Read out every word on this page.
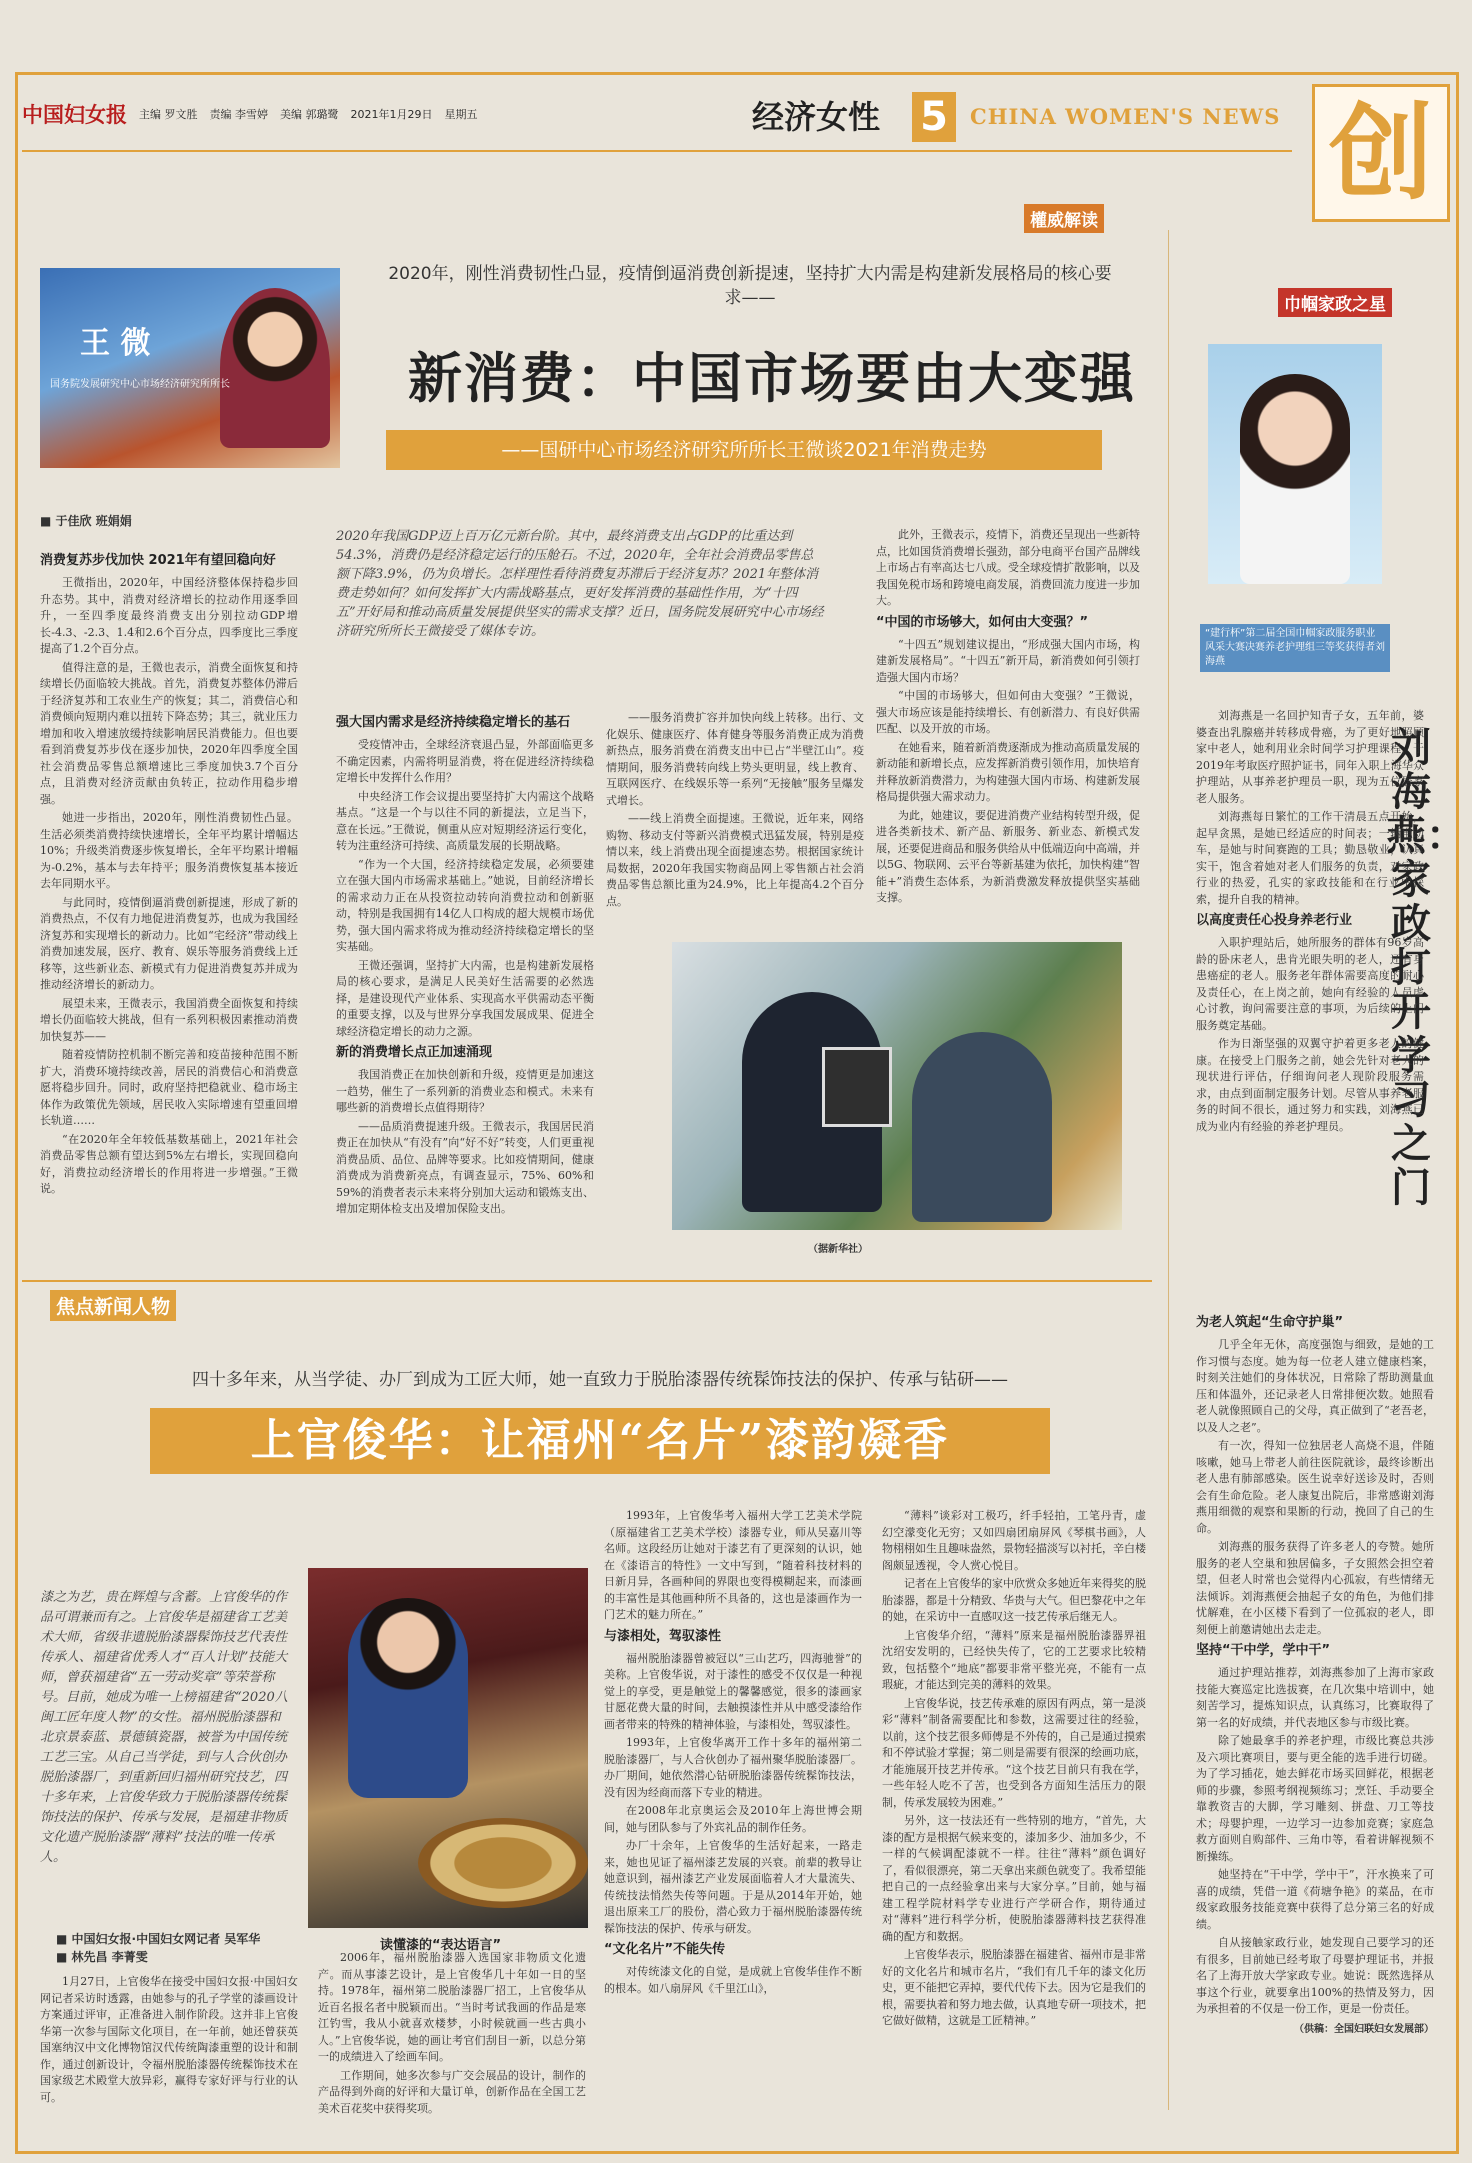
中国妇女报 主编 罗文胜 责编 李雪婷 美编 郭璐鹭 2021年1月29日 星期五	经济女性 5	CHINA WOMEN'S NEWS 创
權威解读
王 微
国务院发展研究中心市场经济研究所所长
2020年，刚性消费韧性凸显，疫情倒逼消费创新提速，坚持扩大内需是构建新发展格局的核心要求——
新消费：中国市场要由大变强
——国研中心市场经济研究所所长王微谈2021年消费走势
■ 于佳欣 班娟娟
2020年我国GDP迈上百万亿元新台阶。其中，最终消费支出占GDP的比重达到54.3%，消费仍是经济稳定运行的压舱石。不过，2020年，全年社会消费品零售总额下降3.9%，仍为负增长。怎样理性看待消费复苏滞后于经济复苏？2021年整体消费走势如何？如何发挥扩大内需战略基点，更好发挥消费的基础性作用，为“十四五”开好局和推动高质量发展提供坚实的需求支撑？近日，国务院发展研究中心市场经济研究所所长王微接受了媒体专访。
消费复苏步伐加快 2021年有望回稳向好

王微指出，2020年，中国经济整体保持稳步回升态势。其中，消费对经济增长的拉动作用逐季回升，一至四季度最终消费支出分别拉动GDP增长-4.3、-2.3、1.4和2.6个百分点，四季度比三季度提高了1.2个百分点。

值得注意的是，王微也表示，消费全面恢复和持续增长仍面临较大挑战。首先，消费复苏整体仍滞后于经济复苏和工农业生产的恢复；其二，消费信心和消费倾向短期内难以扭转下降态势；其三，就业压力增加和收入增速放缓持续影响居民消费能力。但也要看到消费复苏步伐在逐步加快，2020年四季度全国社会消费品零售总额增速比三季度加快3.7个百分点，且消费对经济贡献由负转正，拉动作用稳步增强。

她进一步指出，2020年，刚性消费韧性凸显。生活必须类消费持续快速增长，全年平均累计增幅达10%；升级类消费逐步恢复增长，全年平均累计增幅为-0.2%，基本与去年持平；服务消费恢复基本接近去年同期水平。

与此同时，疫情倒逼消费创新提速，形成了新的消费热点，不仅有力地促进消费复苏，也成为我国经济复苏和实现增长的新动力。比如“宅经济”带动线上消费加速发展，医疗、教育、娱乐等服务消费线上迁移等，这些新业态、新模式有力促进消费复苏并成为推动经济增长的新动力。

展望未来，王微表示，我国消费全面恢复和持续增长仍面临较大挑战，但有一系列积极因素推动消费加快复苏——

随着疫情防控机制不断完善和疫苗接种范围不断扩大，消费环境持续改善，居民的消费信心和消费意愿将稳步回升。同时，政府坚持把稳就业、稳市场主体作为政策优先领域，居民收入实际增速有望重回增长轨道……

“在2020年全年较低基数基础上，2021年社会消费品零售总额有望达到5%左右增长，实现回稳向好，消费拉动经济增长的作用将进一步增强。”王微说。

强大国内需求是经济持续稳定增长的基石

受疫情冲击，全球经济衰退凸显，外部面临更多不确定因素，内需将明显消费，将在促进经济持续稳定增长中发挥什么作用？

中央经济工作会议提出要坚持扩大内需这个战略基点。“这是一个与以往不同的新提法，立足当下，意在长远。”王微说，侧重从应对短期经济运行变化，转为注重经济可持续、高质量发展的长期战略。

“作为一个大国，经济持续稳定发展，必须要建立在强大国内市场需求基础上。”她说，目前经济增长的需求动力正在从投资拉动转向消费拉动和创新驱动，特别是我国拥有14亿人口构成的超大规模市场优势，强大国内需求将成为推动经济持续稳定增长的坚实基础。

王微还强调，坚持扩大内需，也是构建新发展格局的核心要求，是满足人民美好生活需要的必然选择，是建设现代产业体系、实现高水平供需动态平衡的重要支撑，以及与世界分享我国发展成果、促进全球经济稳定增长的动力之源。

新的消费增长点正加速涌现

我国消费正在加快创新和升级，疫情更是加速这一趋势，催生了一系列新的消费业态和模式。未来有哪些新的消费增长点值得期待？

——品质消费提速升级。王微表示，我国居民消费正在加快从“有没有”向“好不好”转变，人们更重视消费品质、品位、品牌等要求。比如疫情期间，健康消费成为消费新亮点，有调查显示，75%、60%和59%的消费者表示未来将分别加大运动和锻炼支出、增加定期体检支出及增加保险支出。

——服务消费扩容并加快向线上转移。出行、文化娱乐、健康医疗、体育健身等服务消费正成为消费新热点，服务消费在消费支出中已占“半壁江山”。疫情期间，服务消费转向线上势头更明显，线上教育、互联网医疗、在线娱乐等一系列“无接触”服务呈爆发式增长。

——线上消费全面提速。王微说，近年来，网络购物、移动支付等新兴消费模式迅猛发展，特别是疫情以来，线上消费出现全面提速态势。根据国家统计局数据，2020年我国实物商品网上零售额占社会消费品零售总额比重为24.9%，比上年提高4.2个百分点。

此外，王微表示，疫情下，消费还呈现出一些新特点，比如国货消费增长强劲，部分电商平台国产品牌线上市场占有率高达七八成。受全球疫情扩散影响，以及我国免税市场和跨境电商发展，消费回流力度进一步加大。

“中国的市场够大，如何由大变强？”

“十四五”规划建议提出，“形成强大国内市场，构建新发展格局”。“十四五”新开局，新消费如何引领打造强大国内市场？

“中国的市场够大，但如何由大变强？”王微说，强大市场应该是能持续增长、有创新潜力、有良好供需匹配、以及开放的市场。

在她看来，随着新消费逐渐成为推动高质量发展的新动能和新增长点，应发挥新消费引领作用，加快培育并释放新消费潜力，为构建强大国内市场、构建新发展格局提供强大需求动力。

为此，她建议，要促进消费产业结构转型升级，促进各类新技术、新产品、新服务、新业态、新模式发展，还要促进商品和服务供给从中低端迈向中高端，并以5G、物联网、云平台等新基建为依托，加快构建“智能+”消费生态体系，为新消费激发释放提供坚实基础支撑。

（据新华社）
焦点新闻人物
四十多年来，从当学徒、办厂到成为工匠大师，她一直致力于脱胎漆器传统髹饰技法的保护、传承与钻研——
上官俊华：让福州“名片”漆韵凝香
漆之为艺，贵在辉煌与含蓄。上官俊华的作品可谓兼而有之。上官俊华是福建省工艺美术大师，省级非遗脱胎漆器髹饰技艺代表性传承人、福建省优秀人才“百人计划”技能大师，曾获福建省“五一劳动奖章”等荣誉称号。目前，她成为唯一上榜福建省“2020八闽工匠年度人物”的女性。福州脱胎漆器和北京景泰蓝、景德镇瓷器，被誉为中国传统工艺三宝。从自己当学徒，到与人合伙创办脱胎漆器厂，到重新回归福州研究技艺，四十多年来，上官俊华致力于脱胎漆器传统髹饰技法的保护、传承与发展，是福建非物质文化遗产脱胎漆器“薄料”技法的唯一传承人。
■ 中国妇女报·中国妇女网记者 吴军华
■ 林先昌 李菁雯
读懂漆的“表达语言”

1月27日，上官俊华在接受中国妇女报·中国妇女网记者采访时透露，由她参与的孔子学堂的漆画设计方案通过评审，正准备进入制作阶段。这并非上官俊华第一次参与国际文化项目，在一年前，她还曾获英国塞纳汉中文化博物馆汉代传统陶漆重塑的设计和制作，通过创新设计，令福州脱胎漆器传统髹饰技术在国家级艺术殿堂大放异彩，赢得专家好评与行业的认可。

2006年，福州脱胎漆器入选国家非物质文化遗产。而从事漆艺设计，是上官俊华几十年如一日的坚持。1978年，福州第二脱胎漆器厂招工，上官俊华从近百名报名者中脱颖而出。“当时考试我画的作品是寒江钓雪，我从小就喜欢楼梦，小时候就画一些古典小人。”上官俊华说，她的画让考官们刮目一新，以总分第一的成绩进入了绘画车间。

工作期间，她多次参与广交会展品的设计，制作的产品得到外商的好评和大量订单，创新作品在全国工艺美术百花奖中获得奖项。

1993年，上官俊华考入福州大学工艺美术学院（原福建省工艺美术学校）漆器专业，师从吴嘉川等名师。这段经历让她对于漆艺有了更深刻的认识，她在《漆语言的特性》一文中写到，“随着科技材料的日新月异，各画种间的界限也变得模糊起来，而漆画的丰富性是其他画种所不具备的，这也是漆画作为一门艺术的魅力所在。”

与漆相处，驾驭漆性

福州脱胎漆器曾被冠以“三山艺巧，四海驰誉”的美称。上官俊华说，对于漆性的感受不仅仅是一种视觉上的享受，更是触觉上的馨馨感觉，很多的漆画家甘愿花费大量的时间，去触摸漆性并从中感受漆给作画者带来的特殊的精神体验，与漆相处，驾驭漆性。

1993年，上官俊华离开工作十多年的福州第二脱胎漆器厂，与人合伙创办了福州聚华脱胎漆器厂。办厂期间，她依然潜心钻研脱胎漆器传统髹饰技法，没有因为经商而落下专业的精进。

在2008年北京奥运会及2010年上海世博会期间，她与团队参与了外宾礼品的制作任务。

办厂十余年，上官俊华的生活好起来，一路走来，她也见证了福州漆艺发展的兴衰。前辈的教导让她意识到，福州漆艺产业发展面临着人才大量流失、传统技法悄然失传等问题。于是从2014年开始，她退出原来工厂的股份，潜心致力于福州脱胎漆器传统髹饰技法的保护、传承与研发。

“文化名片”不能失传

对传统漆文化的自觉，是成就上官俊华佳作不断的根本。如八扇屏风《千里江山》，

“薄料”谈彩对工极巧，纤手轻拍，工笔丹青，虚幻空濛变化无穷；又如四扇团扇屏风《琴棋书画》，人物栩栩如生且趣味盎然，景物轻描淡写以衬托，辛白楼阁颇显透视，令人赏心悦目。

记者在上官俊华的家中欣赏众多她近年来得奖的脱胎漆器，都是十分精致、华贵与大气。但巴黎花中之年的她，在采访中一直感叹这一技艺传承后继无人。

上官俊华介绍，“薄料”原来是福州脱胎漆器界祖沈绍安发明的，已经快失传了，它的工艺要求比较精致，包括整个“地底”都要非常平整光亮，不能有一点瑕疵，才能达到完美的薄料的效果。

上官俊华说，技艺传承难的原因有两点，第一是淡彩“薄料”制备需要配比和参数，这需要过往的经验，以前，这个技艺很多师傅是不外传的，自己是通过摸索和不停试验才掌握；第二则是需要有很深的绘画功底，才能施展开技艺并传承。“这个技艺目前只有我在学，一些年轻人吃不了苦，也受到各方面知生活压力的限制，传承发展较为困难。”

另外，这一技法还有一些特别的地方，“首先，大漆的配方是根据气候来变的，漆加多少、油加多少，不一样的气候调配漆就不一样。往往“薄料”颜色调好了，看似很漂亮，第二天拿出来颜色就变了。我希望能把自己的一点经验拿出来与大家分享。”目前，她与福建工程学院材料学专业进行产学研合作，期待通过对“薄料”进行科学分析，使脱胎漆器薄料技艺获得准确的配方和数据。

上官俊华表示，脱胎漆器在福建省、福州市是非常好的文化名片和城市名片，“我们有几千年的漆文化历史，更不能把它弄掉，要代代传下去。因为它是我们的根，需要执着和努力地去做，认真地专研一项技术，把它做好做精，这就是工匠精神。”

巾帼家政之星
“建行杯”第二届全国巾帼家政服务职业风采大赛决赛养老护理组三等奖获得者刘海燕
刘海燕：家政打开学习之门

刘海燕是一名回护知青子女，五年前，婆婆查出乳腺癌并转移成骨癌，为了更好地照顾家中老人，她利用业余时间学习护理课程，于2019年考取医疗照护证书，同年入职上海华众护理站，从事养老护理员一职，现为五位居家老人服务。

刘海燕每日繁忙的工作干清晨五点开始，起早贪黑，是她已经适应的时间表；一辆电动车，是她与时间赛跑的工具；勤恳敬业，认真实干，饱含着她对老人们服务的负责，对家政行业的热爱，孔实的家政技能和在行业中探索，提升自我的精神。

以高度责任心投身养老行业

入职护理站后，她所服务的群体有96岁高龄的卧床老人，患肯光眼失明的老人，还有身患癌症的老人。服务老年群体需要高度的耐心及责任心，在上岗之前，她向有经验的人员虚心讨教，询问需要注意的事项，为后续的上门服务奠定基础。

作为日渐坚强的双翼守护着更多老人的健康。在接受上门服务之前，她会先针对老人的现状进行评估，仔细询问老人现阶段服务需求，由点到面制定服务计划。尽管从事养老服务的时间不很长，通过努力和实践，刘海燕已成为业内有经验的养老护理员。

为老人筑起“生命守护巢”

几乎全年无休，高度强饱与细致，是她的工作习惯与态度。她为每一位老人建立健康档案，时刻关注她们的身体状况，日常除了帮助测量血压和体温外，还记录老人日常排便次数。她照看老人就像照顾自己的父母，真正做到了“老吾老，以及人之老”。

有一次，得知一位独居老人高烧不退，伴随咳嗽，她马上带老人前往医院就诊，最终诊断出老人患有肺部感染。医生说幸好送诊及时，否则会有生命危险。老人康复出院后，非常感谢刘海燕用细微的观察和果断的行动，挽回了自己的生命。

刘海燕的服务获得了许多老人的夸赞。她所服务的老人空巢和独居偏多，子女照然会担空着望，但老人时常也会觉得内心孤寂，有些情绪无法倾诉。刘海燕便会抽起子女的角色，为他们排忧解难，在小区楼下看到了一位孤寂的老人，即刻便上前邀请她出去走走。

坚持“干中学，学中干”

通过护理站推荐，刘海燕参加了上海市家政技能大赛巡定比选拔赛，在几次集中培训中，她刻苦学习，提炼知识点，认真练习，比赛取得了第一名的好成绩，并代表地区参与市级比赛。

除了她最拿手的养老护理，市级比赛总共涉及六项比赛项目，要与更全能的选手进行切磋。为了学习插花，她去鲜花市场买回鲜花，根据老师的步骤，参照考纲视频练习；烹饪、手动要全靠教资吉的大脚，学习雕刻、拼盘、刀工等技术；母婴护理，一边学习一边参加竞赛；家庭急救方面则自购部件、三角巾等，看着讲解视频不断操练。

她坚持在“干中学，学中干”，汗水换来了可喜的成绩，凭借一道《荷塘争艳》的菜品，在市级家政服务技能竞赛中获得了总分第三名的好成绩。

自从接触家政行业，她发现自己要学习的还有很多，目前她已经考取了母婴护理证书，并报名了上海开放大学家政专业。她说：既然选择从事这个行业，就要拿出100%的热情及努力，因为承担着的不仅是一份工作，更是一份责任。

（供稿：全国妇联妇女发展部）
